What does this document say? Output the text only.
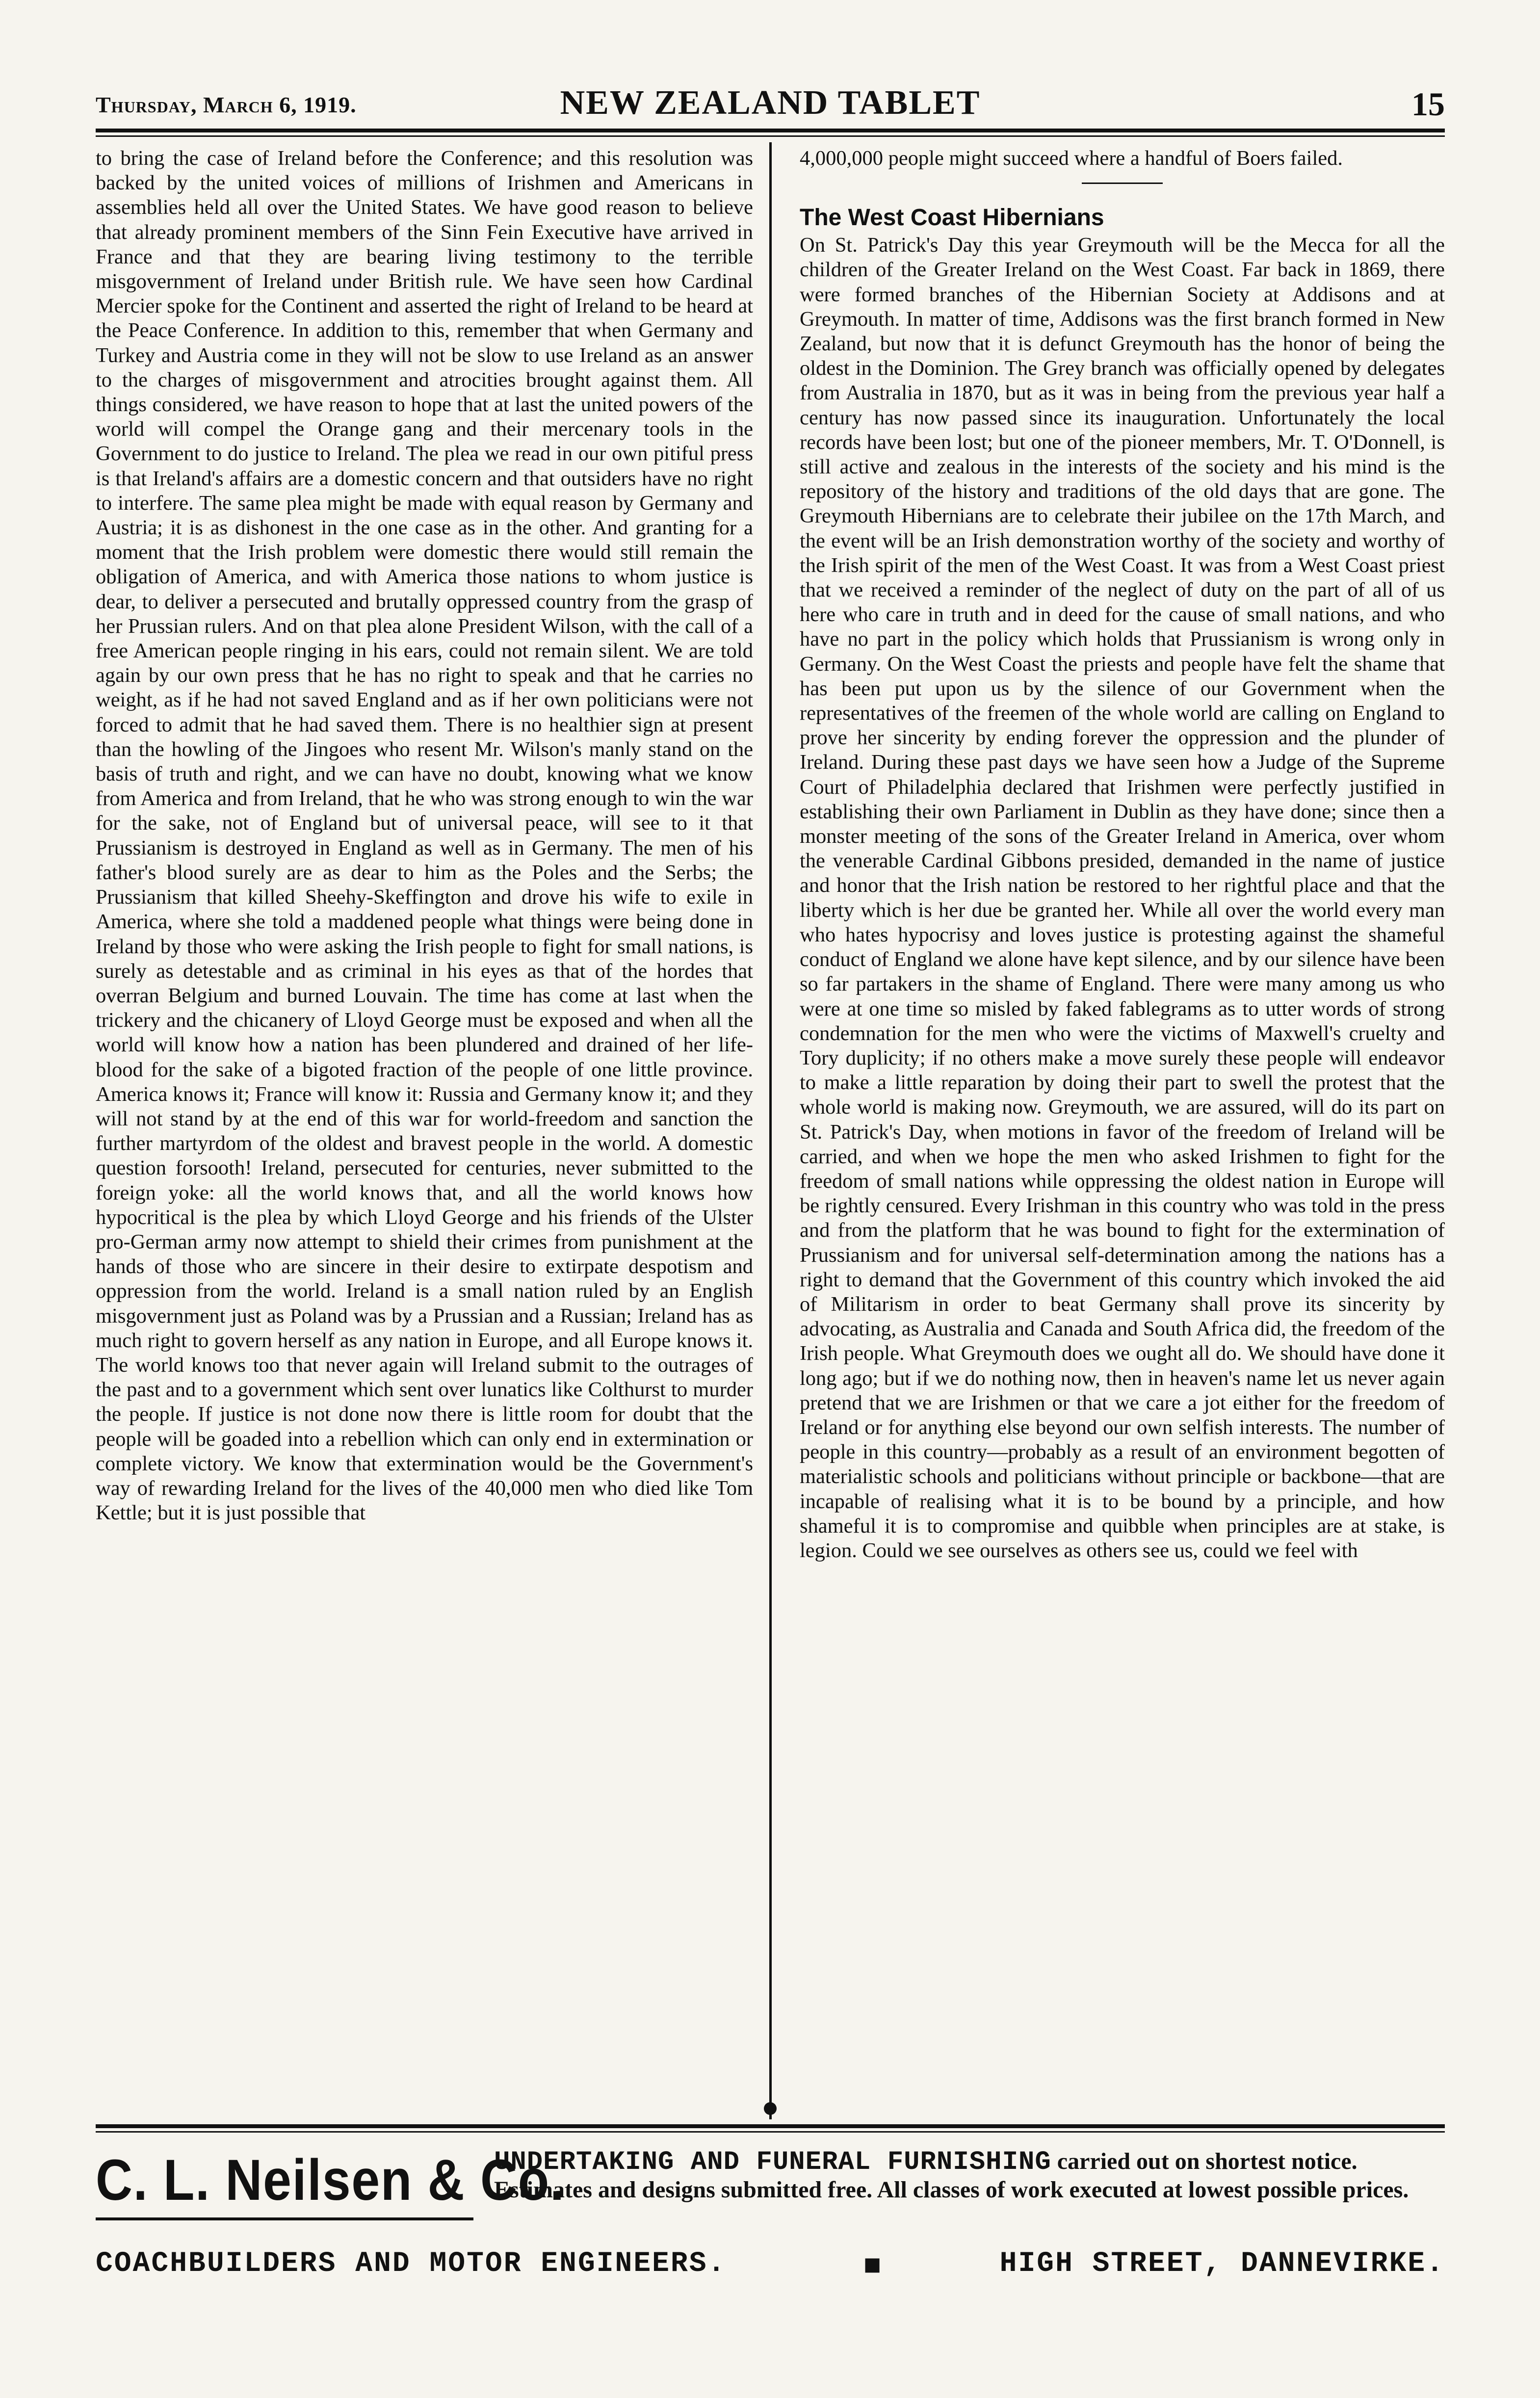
Thursday, March 6, 1919.	NEW ZEALAND TABLET	15

to bring the case of Ireland before the Conference; and this resolution was backed by the united voices of millions of Irishmen and Americans in assemblies held all over the United States. We have good reason to believe that already prominent members of the Sinn Fein Executive have arrived in France and that they are bearing living testimony to the terrible misgovernment of Ireland under British rule. We have seen how Cardinal Mercier spoke for the Continent and asserted the right of Ireland to be heard at the Peace Conference. In addition to this, remember that when Germany and Turkey and Austria come in they will not be slow to use Ireland as an answer to the charges of misgovernment and atrocities brought against them. All things considered, we have reason to hope that at last the united powers of the world will compel the Orange gang and their mercenary tools in the Government to do justice to Ireland. The plea we read in our own pitiful press is that Ireland's affairs are a domestic concern and that outsiders have no right to interfere. The same plea might be made with equal reason by Germany and Austria; it is as dishonest in the one case as in the other. And granting for a moment that the Irish problem were domestic there would still remain the obligation of America, and with America those nations to whom justice is dear, to deliver a persecuted and brutally oppressed country from the grasp of her Prussian rulers. And on that plea alone President Wilson, with the call of a free American people ringing in his ears, could not remain silent. We are told again by our own press that he has no right to speak and that he carries no weight, as if he had not saved England and as if her own politicians were not forced to admit that he had saved them. There is no healthier sign at present than the howling of the Jingoes who resent Mr. Wilson's manly stand on the basis of truth and right, and we can have no doubt, knowing what we know from America and from Ireland, that he who was strong enough to win the war for the sake, not of England but of universal peace, will see to it that Prussianism is destroyed in England as well as in Germany. The men of his father's blood surely are as dear to him as the Poles and the Serbs; the Prussianism that killed Sheehy-Skeffington and drove his wife to exile in America, where she told a maddened people what things were being done in Ireland by those who were asking the Irish people to fight for small nations, is surely as detestable and as criminal in his eyes as that of the hordes that overran Belgium and burned Louvain. The time has come at last when the trickery and the chicanery of Lloyd George must be exposed and when all the world will know how a nation has been plundered and drained of her life-blood for the sake of a bigoted fraction of the people of one little province. America knows it; France will know it: Russia and Germany know it; and they will not stand by at the end of this war for world-freedom and sanction the further martyrdom of the oldest and bravest people in the world. A domestic question forsooth! Ireland, persecuted for centuries, never submitted to the foreign yoke: all the world knows that, and all the world knows how hypocritical is the plea by which Lloyd George and his friends of the Ulster pro-German army now attempt to shield their crimes from punishment at the hands of those who are sincere in their desire to extirpate despotism and oppression from the world. Ireland is a small nation ruled by an English misgovernment just as Poland was by a Prussian and a Russian; Ireland has as much right to govern herself as any nation in Europe, and all Europe knows it. The world knows too that never again will Ireland submit to the outrages of the past and to a government which sent over lunatics like Colthurst to murder the people. If justice is not done now there is little room for doubt that the people will be goaded into a rebellion which can only end in extermination or complete victory. We know that extermination would be the Government's way of rewarding Ireland for the lives of the 40,000 men who died like Tom Kettle; but it is just possible that

4,000,000 people might succeed where a handful of Boers failed.

The West Coast Hibernians

On St. Patrick's Day this year Greymouth will be the Mecca for all the children of the Greater Ireland on the West Coast. Far back in 1869, there were formed branches of the Hibernian Society at Addisons and at Greymouth. In matter of time, Addisons was the first branch formed in New Zealand, but now that it is defunct Greymouth has the honor of being the oldest in the Dominion. The Grey branch was officially opened by delegates from Australia in 1870, but as it was in being from the previous year half a century has now passed since its inauguration. Unfortunately the local records have been lost; but one of the pioneer members, Mr. T. O'Donnell, is still active and zealous in the interests of the society and his mind is the repository of the history and traditions of the old days that are gone. The Greymouth Hibernians are to celebrate their jubilee on the 17th March, and the event will be an Irish demonstration worthy of the society and worthy of the Irish spirit of the men of the West Coast. It was from a West Coast priest that we received a reminder of the neglect of duty on the part of all of us here who care in truth and in deed for the cause of small nations, and who have no part in the policy which holds that Prussianism is wrong only in Germany. On the West Coast the priests and people have felt the shame that has been put upon us by the silence of our Government when the representatives of the freemen of the whole world are calling on England to prove her sincerity by ending forever the oppression and the plunder of Ireland. During these past days we have seen how a Judge of the Supreme Court of Philadelphia declared that Irishmen were perfectly justified in establishing their own Parliament in Dublin as they have done; since then a monster meeting of the sons of the Greater Ireland in America, over whom the venerable Cardinal Gibbons presided, demanded in the name of justice and honor that the Irish nation be restored to her rightful place and that the liberty which is her due be granted her. While all over the world every man who hates hypocrisy and loves justice is protesting against the shameful conduct of England we alone have kept silence, and by our silence have been so far partakers in the shame of England. There were many among us who were at one time so misled by faked fablegrams as to utter words of strong condemnation for the men who were the victims of Maxwell's cruelty and Tory duplicity; if no others make a move surely these people will endeavor to make a little reparation by doing their part to swell the protest that the whole world is making now. Greymouth, we are assured, will do its part on St. Patrick's Day, when motions in favor of the freedom of Ireland will be carried, and when we hope the men who asked Irishmen to fight for the freedom of small nations while oppressing the oldest nation in Europe will be rightly censured. Every Irishman in this country who was told in the press and from the platform that he was bound to fight for the extermination of Prussianism and for universal self-determination among the nations has a right to demand that the Government of this country which invoked the aid of Militarism in order to beat Germany shall prove its sincerity by advocating, as Australia and Canada and South Africa did, the freedom of the Irish people. What Greymouth does we ought all do. We should have done it long ago; but if we do nothing now, then in heaven's name let us never again pretend that we are Irishmen or that we care a jot either for the freedom of Ireland or for anything else beyond our own selfish interests. The number of people in this country—probably as a result of an environment begotten of materialistic schools and politicians without principle or backbone—that are incapable of realising what it is to be bound by a principle, and how shameful it is to compromise and quibble when principles are at stake, is legion. Could we see ourselves as others see us, could we feel with

C. L. Neilsen & Co.
UNDERTAKING AND FUNERAL FURNISHING carried out on shortest notice. Estimates and designs submitted free. All classes of work executed at lowest possible prices.
COACHBUILDERS AND MOTOR ENGINEERS.	■	HIGH STREET, DANNEVIRKE.
